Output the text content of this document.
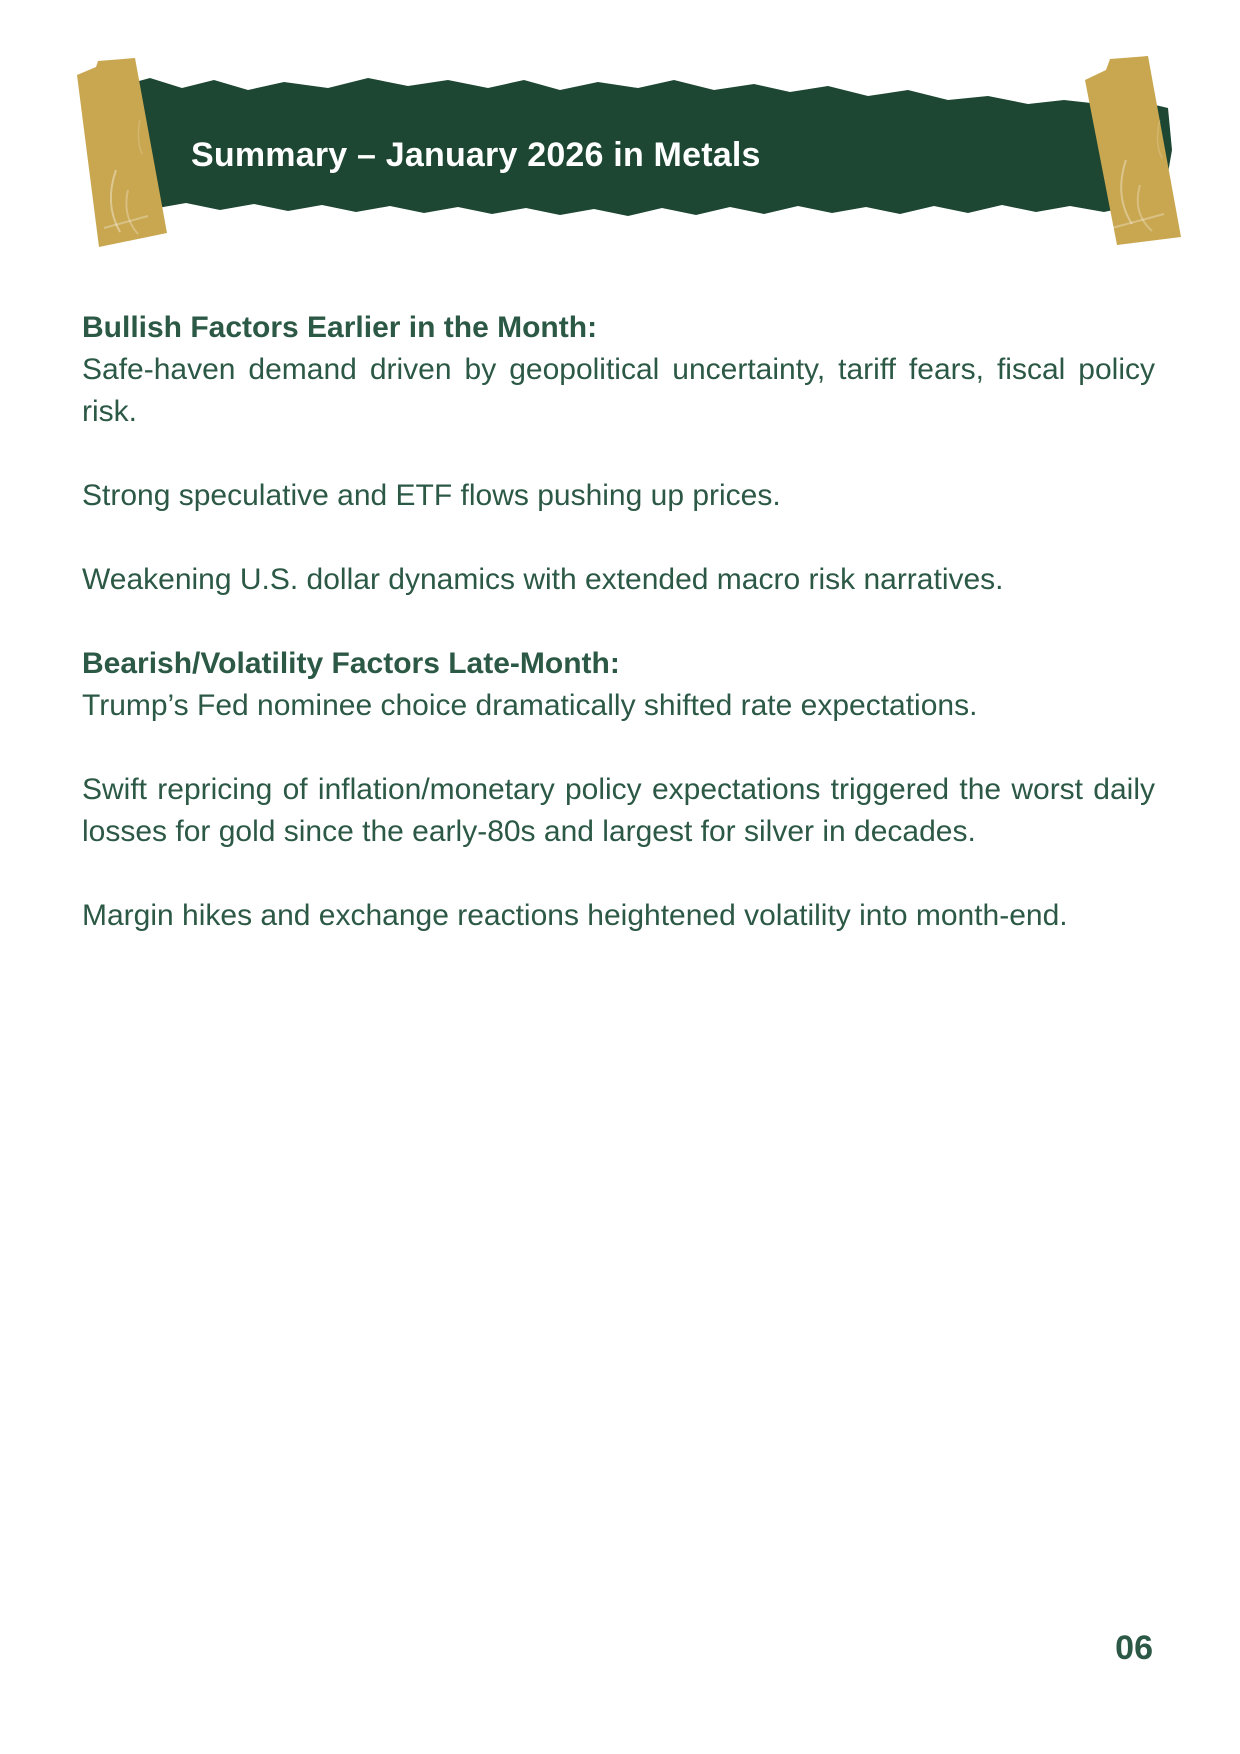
Summary – January 2026 in Metals
Bullish Factors Earlier in the Month:
Safe-haven demand driven by geopolitical uncertainty, tariff fears, fiscal policy
risk.
Strong speculative and ETF flows pushing up prices.
Weakening U.S. dollar dynamics with extended macro risk narratives.
Bearish/Volatility Factors Late-Month:
Trump’s Fed nominee choice dramatically shifted rate expectations.
Swift repricing of inflation/monetary policy expectations triggered the worst daily
losses for gold since the early-80s and largest for silver in decades.
Margin hikes and exchange reactions heightened volatility into month-end.
06
